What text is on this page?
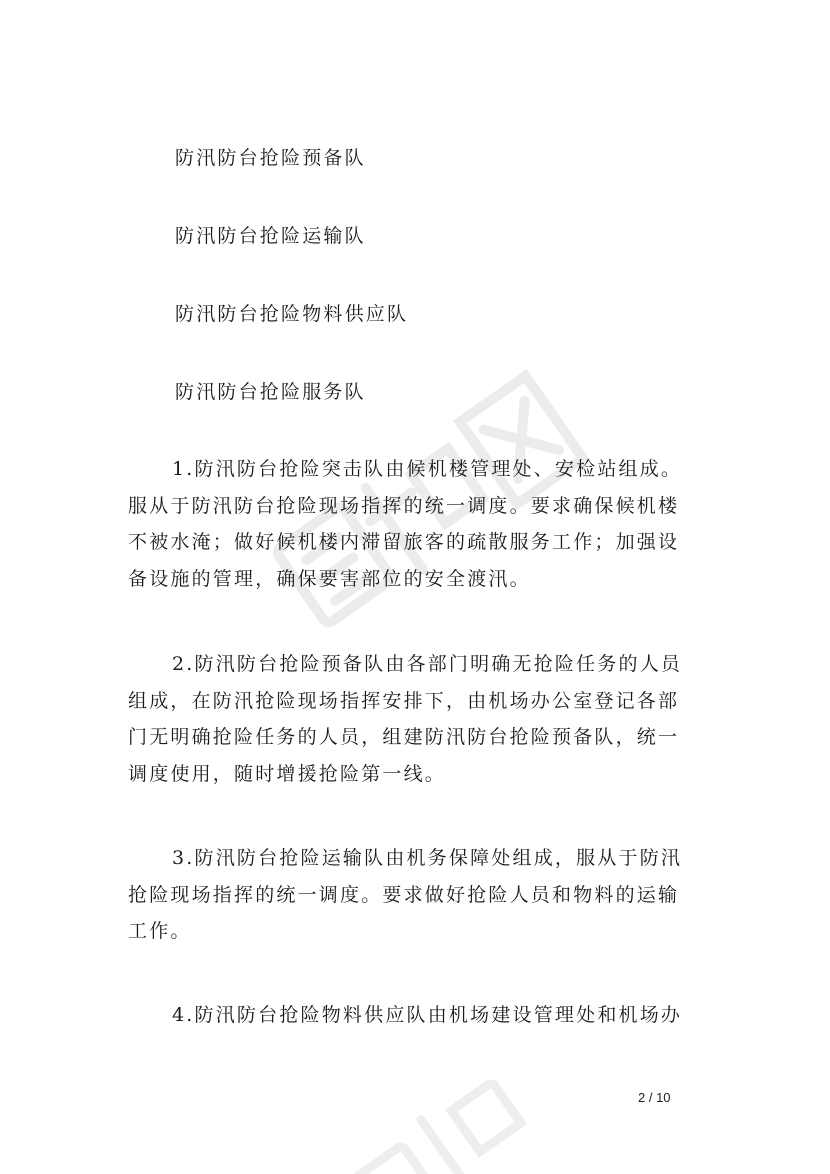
防汛防台抢险预备队
防汛防台抢险运输队
防汛防台抢险物料供应队
防汛防台抢险服务队
1.防汛防台抢险突击队由候机楼管理处、安检站组成。
服从于防汛防台抢险现场指挥的统一调度。要求确保候机楼
不被水淹；做好候机楼内滞留旅客的疏散服务工作；加强设
备设施的管理，确保要害部位的安全渡汛。
2.防汛防台抢险预备队由各部门明确无抢险任务的人员
组成，在防汛抢险现场指挥安排下，由机场办公室登记各部
门无明确抢险任务的人员，组建防汛防台抢险预备队，统一
调度使用，随时增援抢险第一线。
3.防汛防台抢险运输队由机务保障处组成，服从于防汛
抢险现场指挥的统一调度。要求做好抢险人员和物料的运输
工作。
4.防汛防台抢险物料供应队由机场建设管理处和机场办
2 / 10
